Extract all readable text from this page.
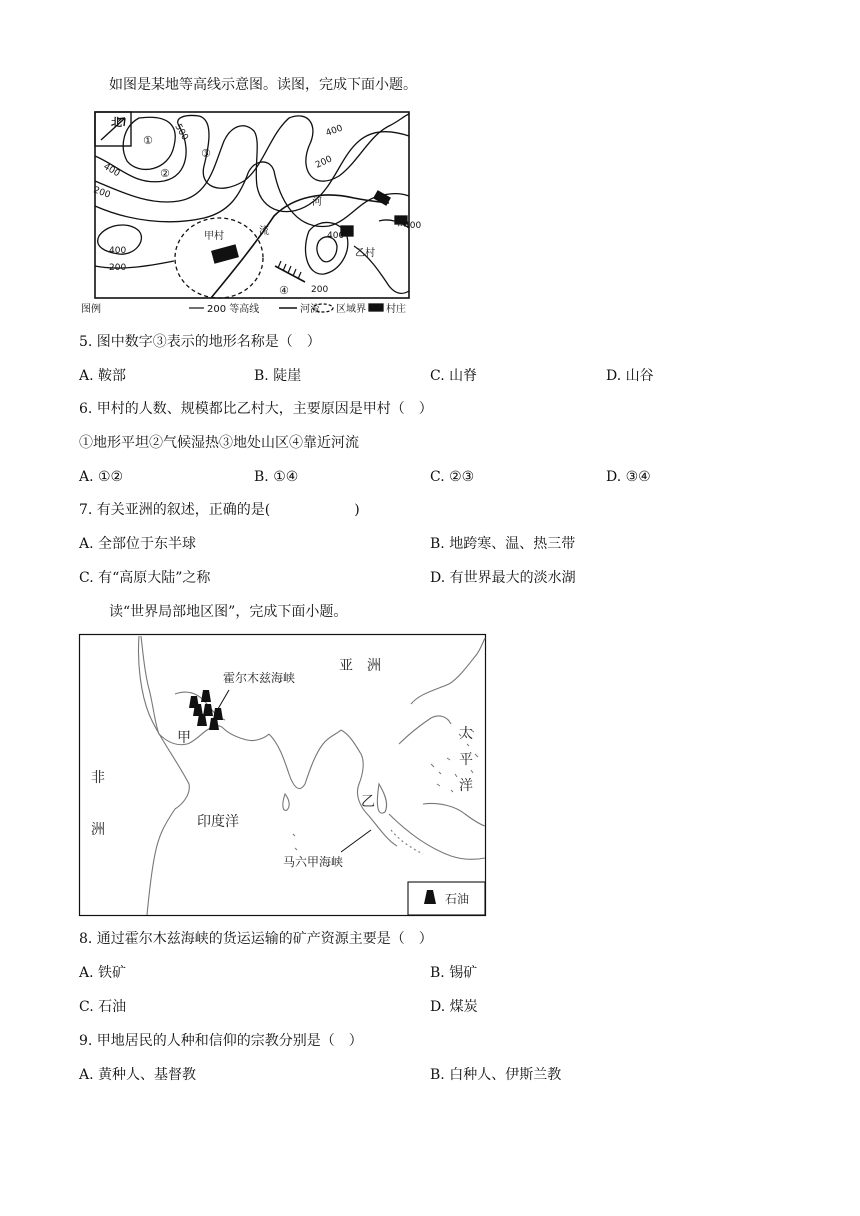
如图是某地等高线示意图。读图，完成下面小题。
北
①
②
③
④
500
400
400
200
200
400
200
400
200
400
河
流
甲村
乙村
山
图例	200 等高线	河流 区域界 村庄
5. 图中数字③表示的地形名称是（　）
A. 鞍部	B. 陡崖	C. 山脊	D. 山谷
6. 甲村的人数、规模都比乙村大，主要原因是甲村（　）
①地形平坦②气候湿热③地处山区④靠近河流
A. ①②	B. ①④	C. ②③	D. ③④
7. 有关亚洲的叙述，正确的是(　　　　　　)
A. 全部位于东半球	B. 地跨寒、温、热三带
C. 有“高原大陆”之称	D. 有世界最大的淡水湖
读“世界局部地区图”，完成下面小题。
亚　洲
霍尔木兹海峡
甲
乙
非
洲	印度洋
太
平
洋
马六甲海峡
石油
8. 通过霍尔木兹海峡的货运运输的矿产资源主要是（　）
A. 铁矿	B. 锡矿
C. 石油	D. 煤炭
9. 甲地居民的人种和信仰的宗教分别是（　）
A. 黄种人、基督教	B. 白种人、伊斯兰教
